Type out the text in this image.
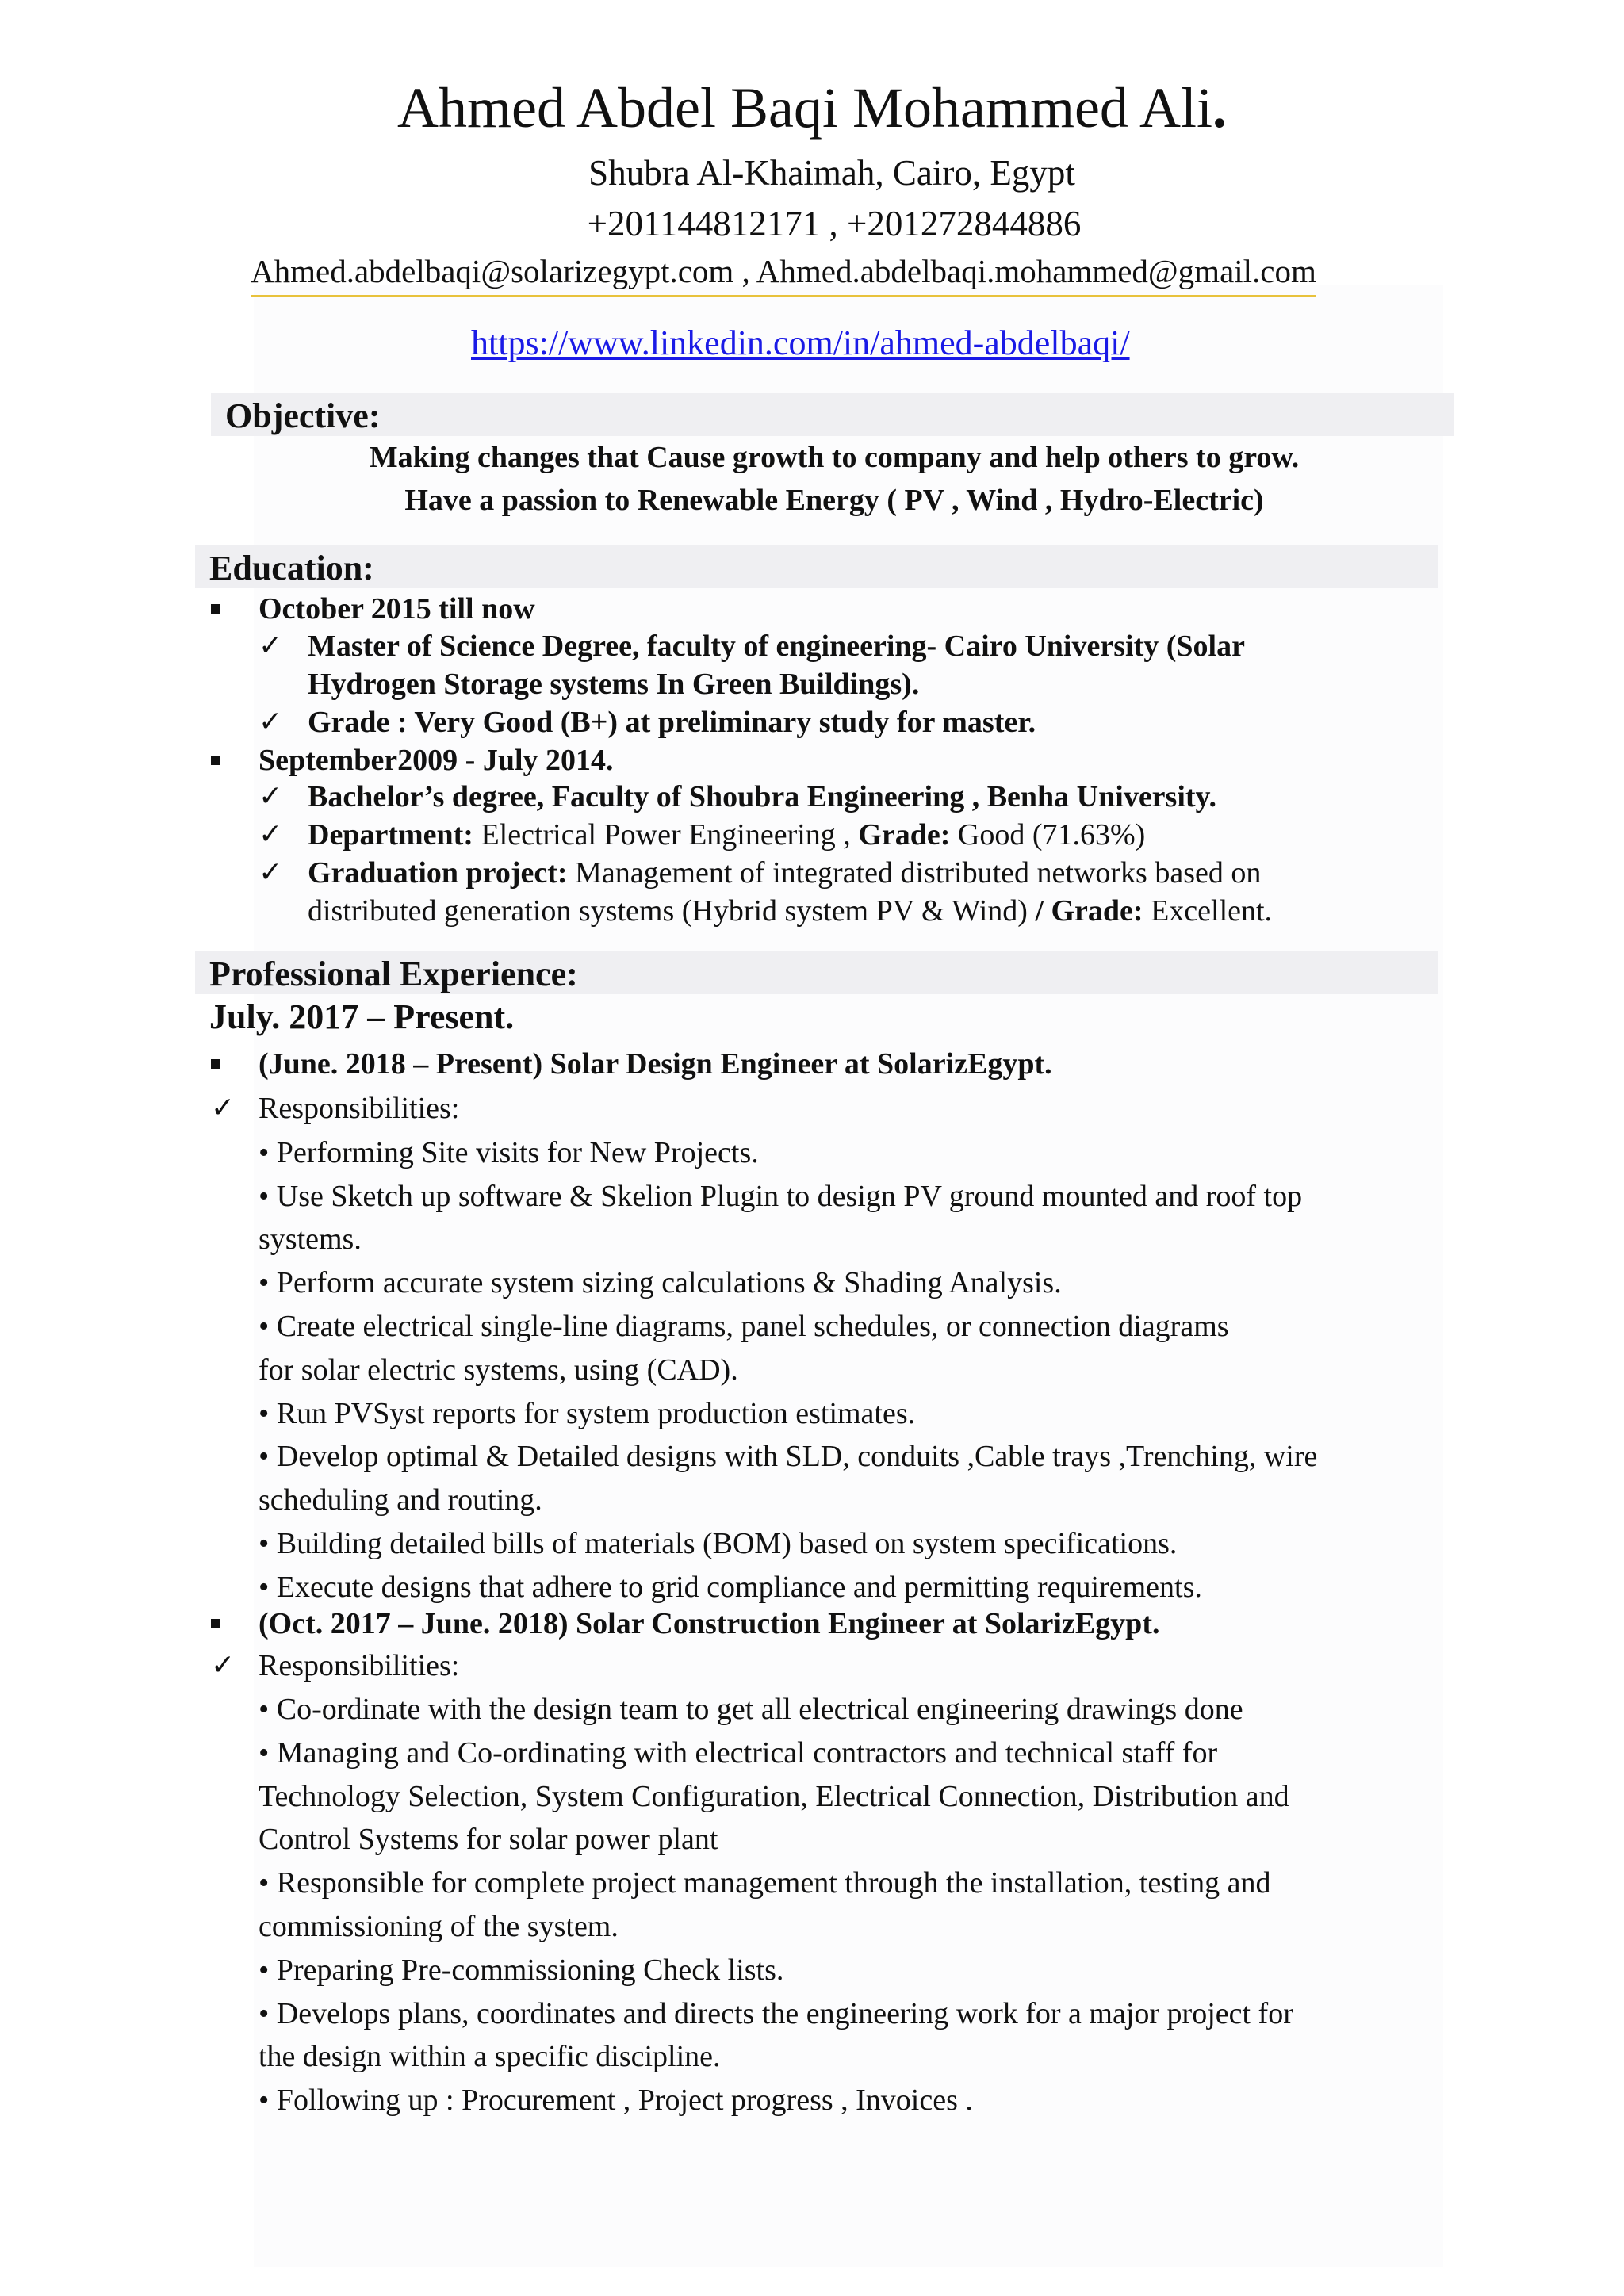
Ahmed Abdel Baqi Mohammed Ali.
Shubra Al-Khaimah, Cairo, Egypt
+201144812171 , +201272844886
Ahmed.abdelbaqi@solarizegypt.com , Ahmed.abdelbaqi.mohammed@gmail.com
https://www.linkedin.com/in/ahmed-abdelbaqi/
Objective:
Making changes that Cause growth to company and help others to grow.
Have a passion to Renewable Energy ( PV , Wind , Hydro-Electric)
Education:
October 2015 till now
✓ Master of Science Degree, faculty of engineering- Cairo University (Solar
Hydrogen Storage systems In Green Buildings).
✓ Grade : Very Good (B+) at preliminary study for master.
September2009 - July 2014.
✓ Bachelor’s degree, Faculty of Shoubra Engineering , Benha University.
✓ Department: Electrical Power Engineering , Grade: Good (71.63%)
✓ Graduation project: Management of integrated distributed networks based on
distributed generation systems (Hybrid system PV & Wind) / Grade: Excellent.
Professional Experience:
July. 2017 – Present.
(June. 2018 – Present) Solar Design Engineer at SolarizEgypt.
✓ Responsibilities:
• Performing Site visits for New Projects.
• Use Sketch up software & Skelion Plugin to design PV ground mounted and roof top
systems.
• Perform accurate system sizing calculations & Shading Analysis.
• Create electrical single-line diagrams, panel schedules, or connection diagrams
for solar electric systems, using (CAD).
• Run PVSyst reports for system production estimates.
• Develop optimal & Detailed designs with SLD, conduits ,Cable trays ,Trenching, wire
scheduling and routing.
• Building detailed bills of materials (BOM) based on system specifications.
• Execute designs that adhere to grid compliance and permitting requirements.
(Oct. 2017 – June. 2018) Solar Construction Engineer at SolarizEgypt.
✓ Responsibilities:
• Co-ordinate with the design team to get all electrical engineering drawings done
• Managing and Co-ordinating with electrical contractors and technical staff for
Technology Selection, System Configuration, Electrical Connection, Distribution and
Control Systems for solar power plant
• Responsible for complete project management through the installation, testing and
commissioning of the system.
• Preparing Pre-commissioning Check lists.
• Develops plans, coordinates and directs the engineering work for a major project for
the design within a specific discipline.
• Following up : Procurement , Project progress , Invoices .
